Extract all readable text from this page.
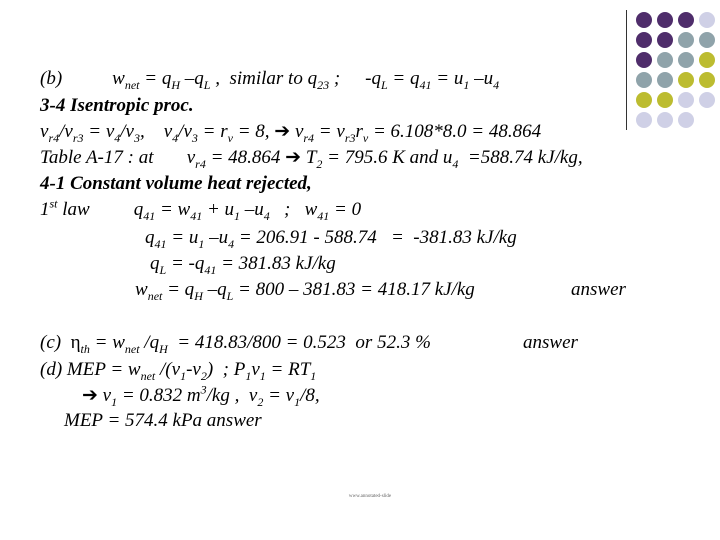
(b)	$w_{net} = q_H$ $-q_L$ ,  similar to $q_{23}$ ; $-q_L = q_{41} = u_1$ $-u_4$
3-4 Isentropic proc.
$v_{r4}/v_{r3} = v_4/v_3$,    $v_4/v_3 = r_v = 8$, ➔ $v_{r4} = v_{r3}r_v = 6.108*8.0 = 48.864$
Table A-17 : at       $v_{r4} = 48.864$ ➔ $T_2 = 795.6$ K and $u_4 =588.74$ kJ/kg,
4-1 Constant volume heat rejected,
1st law $q_{41} = w_{41} + u_1$ $-u_4$   ;   $w_{41} = 0$
$q_{41} = u_1$ $-u_4 = 206.91 - 588.74 = -381.83$ kJ/kg
$q_L = -q_{41} = 381.83$ kJ/kg
$w_{net} = q_H$ $-q_L = 800 - 381.83 = 418.17$ kJ/kg	answer
(c)  $\eta_{th} = w_{net}$ $/q_H = 418.83/800 = 0.523$  or 52.3 %	answer
(d) MEP = $w_{net}$ $/(v_1-v_2)$  ; $P_1v_1 = RT_1$
➔ $v_1 = 0.832$ $m^3/kg$ ,  $v_2 = v_1/8$,
MEP = 574.4 kPa answer
www.annotated-slide
